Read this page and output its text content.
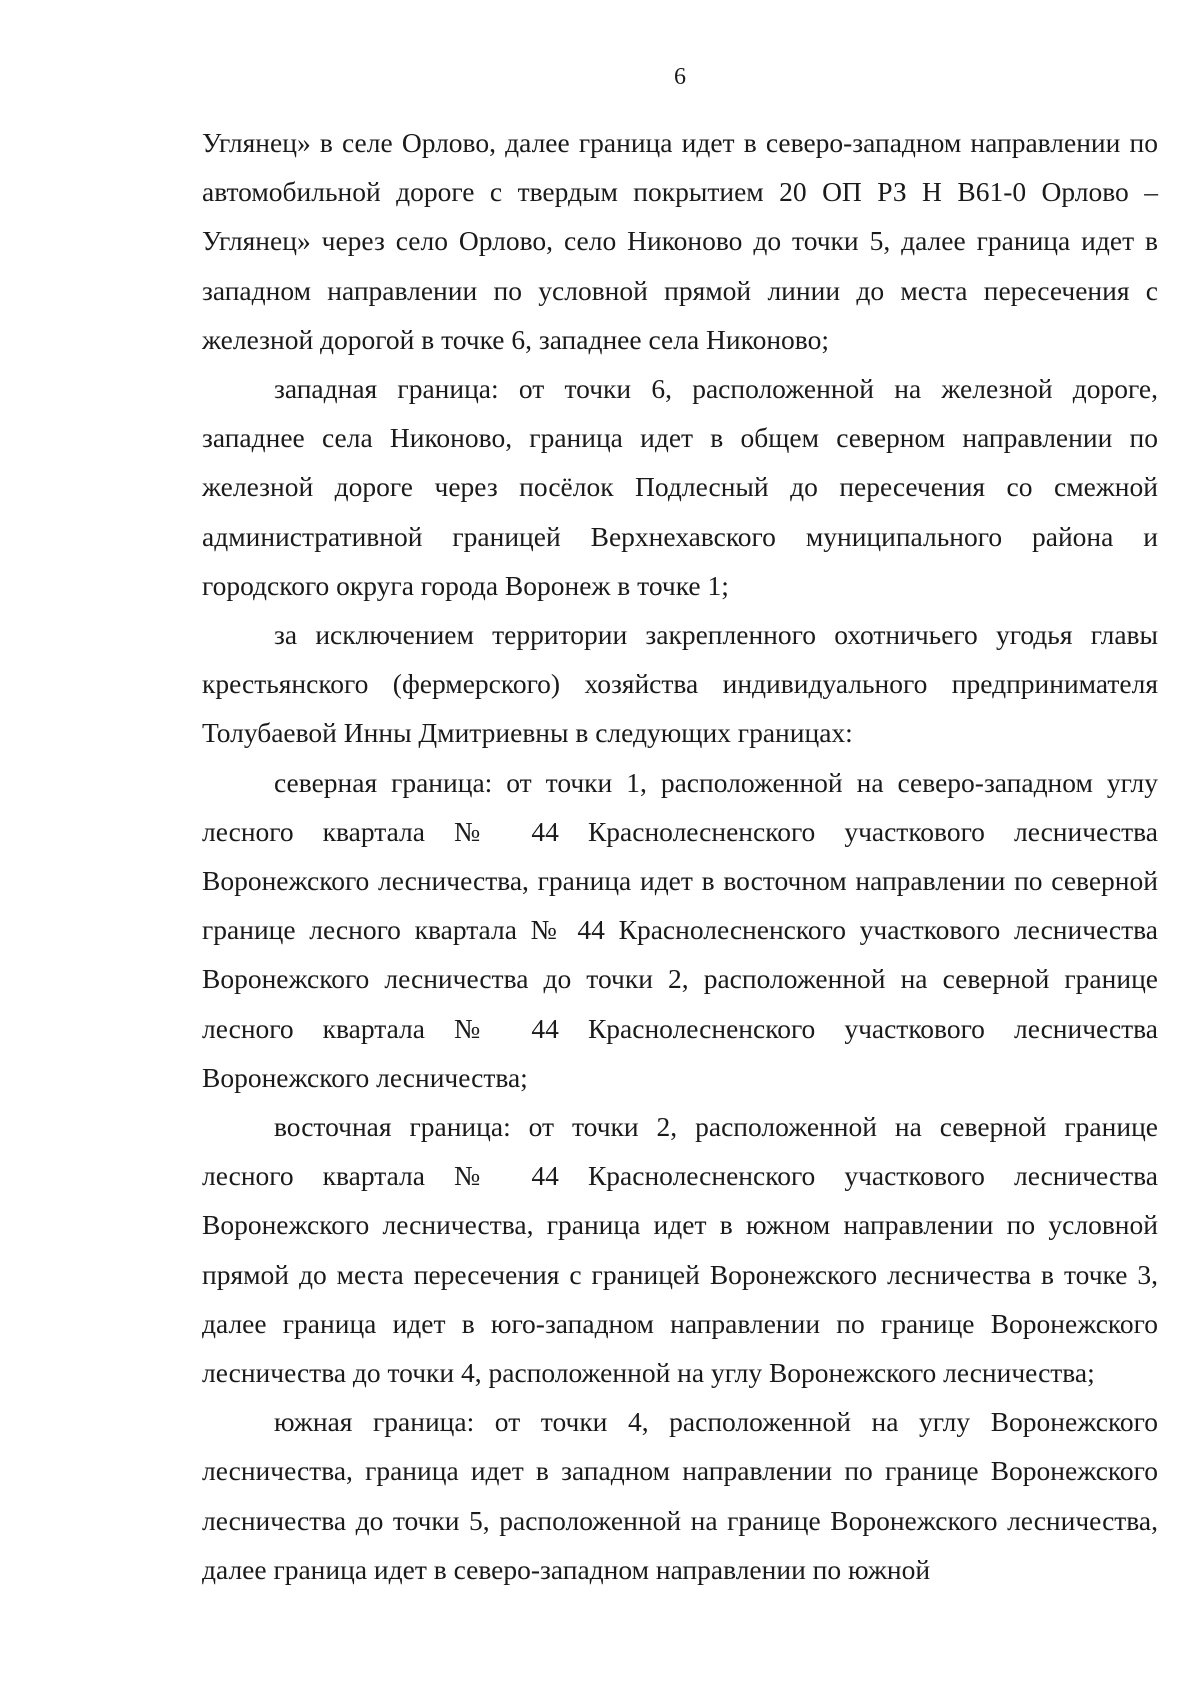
6

Углянец» в селе Орлово, далее граница идет в северо-западном направлении по автомобильной дороге с твердым покрытием 20 ОП РЗ Н В61-0 Орлово – Углянец» через село Орлово, село Никоново до точки 5, далее граница идет в западном направлении по условной прямой линии до места пересечения с железной дорогой в точке 6, западнее села Никоново;

западная граница: от точки 6, расположенной на железной дороге, западнее села Никоново, граница идет в общем северном направлении по железной дороге через посёлок Подлесный до пересечения со смежной административной границей Верхнехавского муниципального района и городского округа города Воронеж в точке 1;

за исключением территории закрепленного охотничьего угодья главы крестьянского (фермерского) хозяйства индивидуального предпринимателя Толубаевой Инны Дмитриевны в следующих границах:

северная граница: от точки 1, расположенной на северо-западном углу лесного квартала № 44 Краснолесненского участкового лесничества Воронежского лесничества, граница идет в восточном направлении по северной границе лесного квартала № 44 Краснолесненского участкового лесничества Воронежского лесничества до точки 2, расположенной на северной границе лесного квартала № 44 Краснолесненского участкового лесничества Воронежского лесничества;

восточная граница: от точки 2, расположенной на северной границе лесного квартала № 44 Краснолесненского участкового лесничества Воронежского лесничества, граница идет в южном направлении по условной прямой до места пересечения с границей Воронежского лесничества в точке 3, далее граница идет в юго-западном направлении по границе Воронежского лесничества до точки 4, расположенной на углу Воронежского лесничества;

южная граница: от точки 4, расположенной на углу Воронежского лесничества, граница идет в западном направлении по границе Воронежского лесничества до точки 5, расположенной на границе Воронежского лесничества, далее граница идет в северо-западном направлении по южной
